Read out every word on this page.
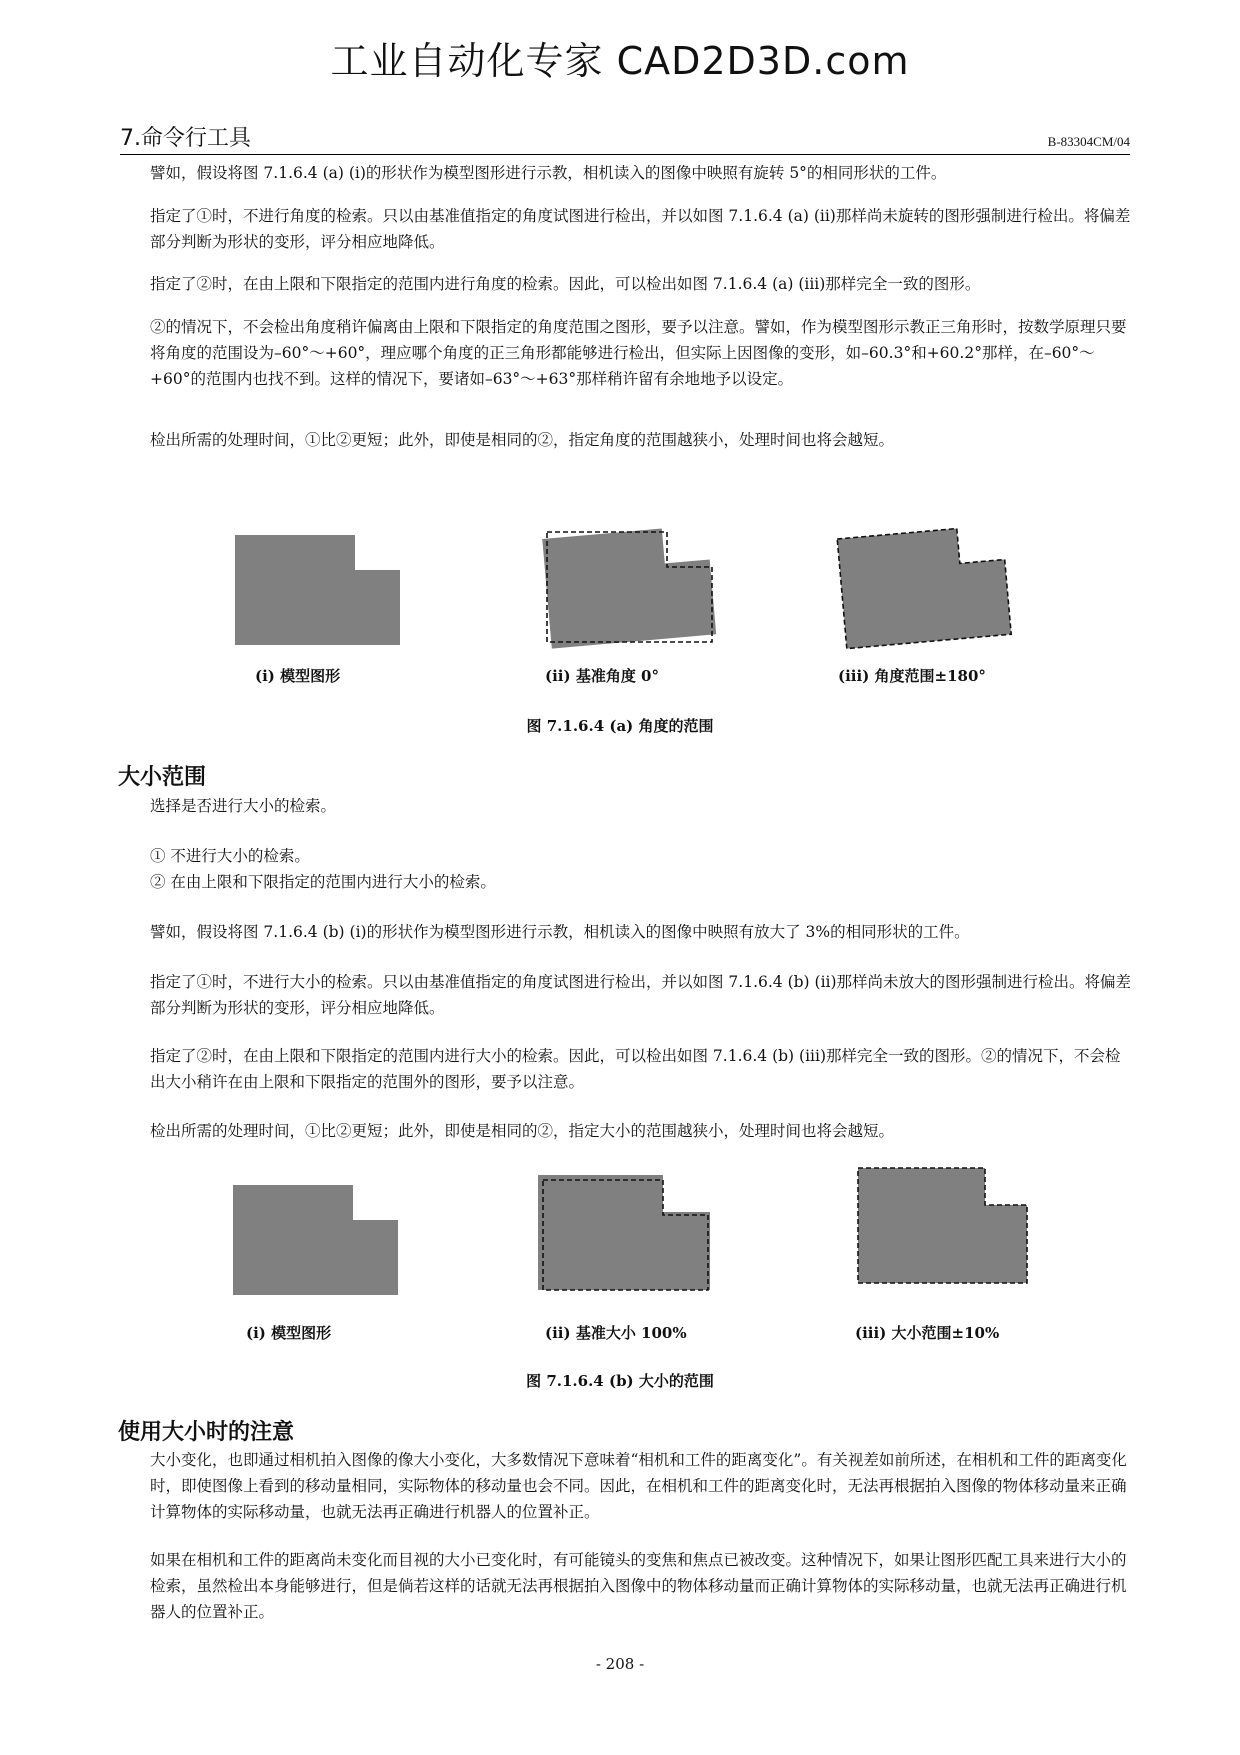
工业自动化专家 CAD2D3D.com
7.命令行工具	B-83304CM/04

譬如，假设将图 7.1.6.4 (a) (i)的形状作为模型图形进行示教，相机读入的图像中映照有旋转 5°的相同形状的工件。

指定了①时，不进行角度的检索。只以由基准值指定的角度试图进行检出，并以如图 7.1.6.4 (a) (ii)那样尚未旋转的图形强制进行检出。将偏差部分判断为形状的变形，评分相应地降低。

指定了②时，在由上限和下限指定的范围内进行角度的检索。因此，可以检出如图 7.1.6.4 (a) (iii)那样完全一致的图形。

②的情况下，不会检出角度稍许偏离由上限和下限指定的角度范围之图形，要予以注意。譬如，作为模型图形示教正三角形时，按数学原理只要将角度的范围设为–60°～+60°，理应哪个角度的正三角形都能够进行检出，但实际上因图像的变形，如–60.3°和+60.2°那样，在–60°～+60°的范围内也找不到。这样的情况下，要诸如–63°～+63°那样稍许留有余地地予以设定。

检出所需的处理时间，①比②更短；此外，即使是相同的②，指定角度的范围越狭小，处理时间也将会越短。

(i) 模型图形	(ii) 基准角度 0°	(iii) 角度范围±180°
图 7.1.6.4 (a) 角度的范围
大小范围

选择是否进行大小的检索。

① 不进行大小的检索。

② 在由上限和下限指定的范围内进行大小的检索。

譬如，假设将图 7.1.6.4 (b) (i)的形状作为模型图形进行示教，相机读入的图像中映照有放大了 3%的相同形状的工件。

指定了①时，不进行大小的检索。只以由基准值指定的角度试图进行检出，并以如图 7.1.6.4 (b) (ii)那样尚未放大的图形强制进行检出。将偏差部分判断为形状的变形，评分相应地降低。

指定了②时，在由上限和下限指定的范围内进行大小的检索。因此，可以检出如图 7.1.6.4 (b) (iii)那样完全一致的图形。②的情况下，不会检出大小稍许在由上限和下限指定的范围外的图形，要予以注意。

检出所需的处理时间，①比②更短；此外，即使是相同的②，指定大小的范围越狭小，处理时间也将会越短。

(i) 模型图形	(ii) 基准大小 100%	(iii) 大小范围±10%
图 7.1.6.4 (b) 大小的范围
使用大小时的注意

大小变化，也即通过相机拍入图像的像大小变化，大多数情况下意味着“相机和工件的距离变化”。有关视差如前所述，在相机和工件的距离变化时，即使图像上看到的移动量相同，实际物体的移动量也会不同。因此，在相机和工件的距离变化时，无法再根据拍入图像的物体移动量来正确计算物体的实际移动量，也就无法再正确进行机器人的位置补正。

如果在相机和工件的距离尚未变化而目视的大小已变化时，有可能镜头的变焦和焦点已被改变。这种情况下，如果让图形匹配工具来进行大小的检索，虽然检出本身能够进行，但是倘若这样的话就无法再根据拍入图像中的物体移动量而正确计算物体的实际移动量，也就无法再正确进行机器人的位置补正。

- 208 -
